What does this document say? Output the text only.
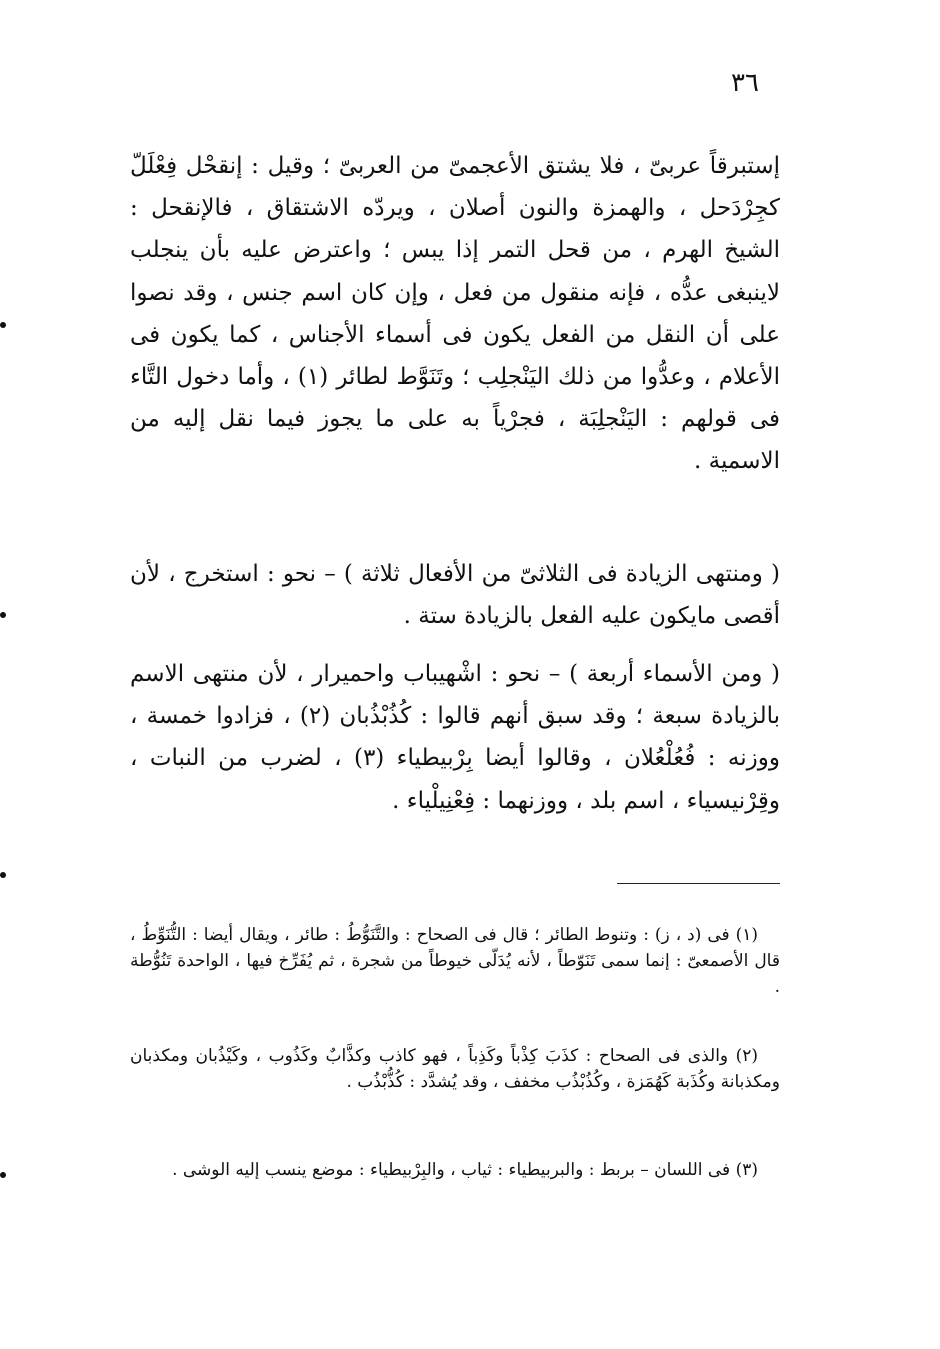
٣٦

إستبرقاً عربىّ ، فلا يشتق الأعجمىّ من العربىّ ؛ وقيل : إنقحْل فِعْلَلّ كجِرْدَحل ، والهمزة والنون أصلان ، ويردّه الاشتقاق ، فالإنقحل : الشيخ الهرم ، من قحل التمر إذا يبس ؛ واعترض عليه بأن ينجلب لاينبغى عدُّه ، فإنه منقول من فعل ، وإن كان اسم جنس ، وقد نصوا على أن النقل من الفعل يكون فى أسماء الأجناس ، كما يكون فى الأعلام ، وعدُّوا من ذلك اليَنْجلِب ؛ وتَنَوَّط لطائر (١) ، وأما دخول التَّاء فى قولهم : اليَنْجلِبَة ، فجرْياً به على ما يجوز فيما نقل إليه من الاسمية .

( ومنتهى الزيادة فى الثلاثىّ من الأفعال ثلاثة ) – نحو : استخرج ، لأن أقصى مايكون عليه الفعل بالزيادة ستة .

( ومن الأسماء أربعة ) – نحو : اشْهيباب واحميرار ، لأن منتهى الاسم بالزيادة سبعة ؛ وقد سبق أنهم قالوا : كُذُبْذُبان (٢) ، فزادوا خمسة ، ووزنه : فُعُلْعُلان ، وقالوا أيضا بِرْبيطياء (٣) ، لضرب من النبات ، وقِرْنيسياء ، اسم بلد ، ووزنهما : فِعْنِيلْياء .

(١) فى (د ، ز) : وتنوط الطائر ؛ قال فى الصحاح : والتَّنَوُّطُ : طائر ، ويقال أيضا : التُّنَوِّطُ ، قال الأصمعىّ : إنما سمى تَنَوّطاً ، لأنه يُدَلّى خيوطاً من شجرة ، ثم يُفَرِّخ فيها ، الواحدة تَنُوُّطة .

(٢) والذى فى الصحاح : كذَبَ كِذْباً وكَذِباً ، فهو كاذب وكذَّابٌ وكَذُوب ، وكَيْذُبان ومكذبان ومكذبانة وكُذَبة كَهُمَزة ، وكُذُبْذُب مخفف ، وقد يُشدَّد : كُذُّبْذُب .

(٣) فى اللسان – بربط : والبربيطياء : ثياب ، والبِرْبيطياء : موضع ينسب إليه الوشى .
